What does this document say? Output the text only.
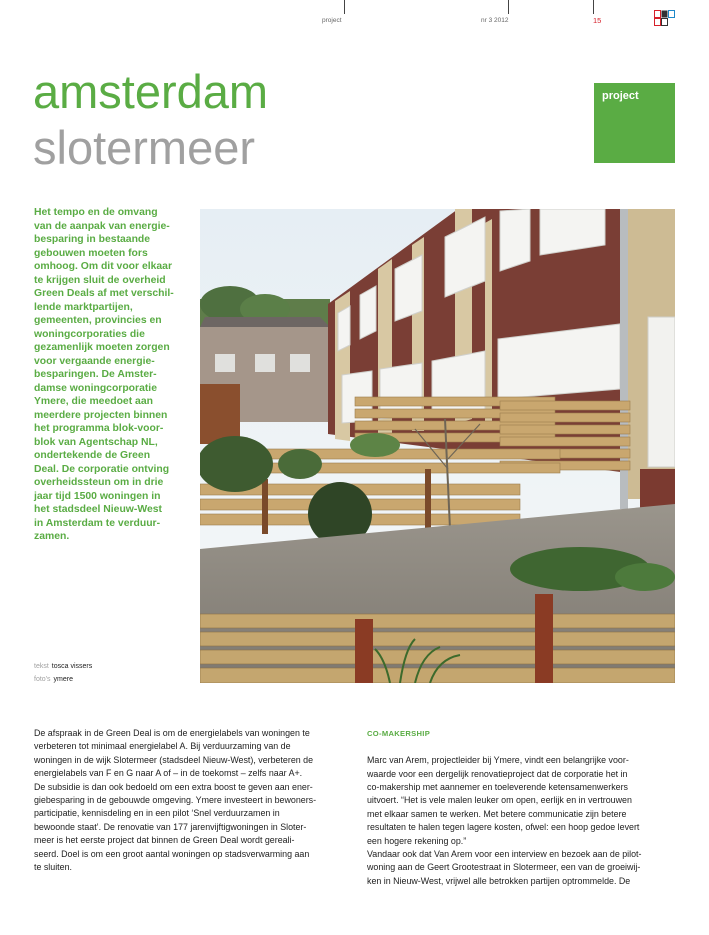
project	nr 3 2012	15
amsterdam
slotermeer
project
Het tempo en de omvang
van de aanpak van energie-
besparing in bestaande
gebouwen moeten fors
omhoog. Om dit voor elkaar
te krijgen sluit de overheid
Green Deals af met verschil-
lende marktpartijen,
gemeenten, provincies en
woningcorporaties die
gezamenlijk moeten zorgen
voor vergaande energie-
besparingen. De Amster-
damse woningcorporatie
Ymere, die meedoet aan
meerdere projecten binnen
het programma blok-voor-
blok van Agentschap NL,
ondertekende de Green
Deal. De corporatie ontving
overheidssteun om in drie
jaar tijd 1500 woningen in
het stadsdeel Nieuw-West
in Amsterdam te verduur-
zamen.
tekst tosca vissers
foto's ymere
De afspraak in de Green Deal is om de energielabels van woningen te
verbeteren tot minimaal energielabel A. Bij verduurzaming van de
woningen in de wijk Slotermeer (stadsdeel Nieuw-West), verbeteren de
energielabels van F en G naar A of – in de toekomst – zelfs naar A+.
De subsidie is dan ook bedoeld om een extra boost te geven aan ener-
giebesparing in de gebouwde omgeving. Ymere investeert in bewoners-
participatie, kennisdeling en in een pilot ‘Snel verduurzamen in
bewoonde staat’. De renovatie van 177 jarenvijftigwoningen in Sloter-
meer is het eerste project dat binnen de Green Deal wordt gereali-
seerd. Doel is om een groot aantal woningen op stadsverwarming aan
te sluiten.

CO-MAKERSHIP

Marc van Arem, projectleider bij Ymere, vindt een belangrijke voor-
waarde voor een dergelijk renovatieproject dat de corporatie het in
co-makership met aannemer en toeleverende ketensamenwerkers
uitvoert. “Het is vele malen leuker om open, eerlijk en in vertrouwen
met elkaar samen te werken. Met betere communicatie zijn betere
resultaten te halen tegen lagere kosten, ofwel: een hoop gedoe levert
een hogere rekening op.”
Vandaar ook dat Van Arem voor een interview en bezoek aan de pilot-
woning aan de Geert Grootestraat in Slotermeer, een van de groeiwij-
ken in Nieuw-West, vrijwel alle betrokken partijen optrommelde. De
